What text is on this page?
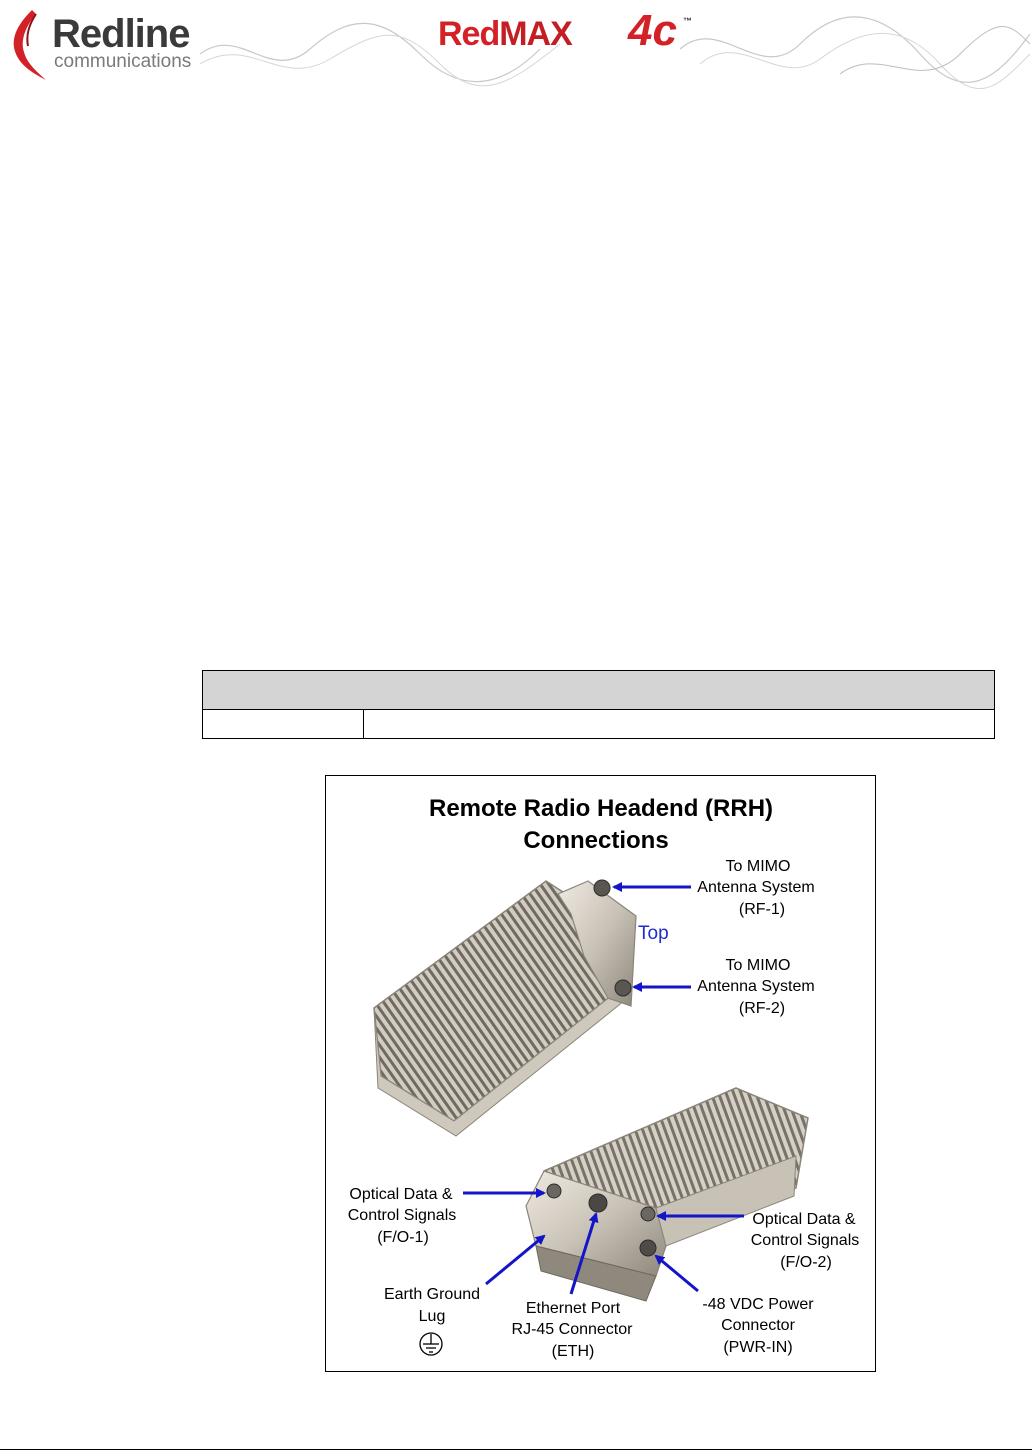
Redline
communications
RedMAX 4c ™

Remote Radio Headend (RRH)
Connections
Top
To MIMO
Antenna System
(RF-1)
To MIMO
Antenna System
(RF-2)
Optical Data &
Control Signals
(F/O-1)
Optical Data &
Control Signals
(F/O-2)
Earth Ground
Lug	Ethernet Port
RJ-45 Connector
(ETH)
-48 VDC Power
Connector
(PWR-IN)
